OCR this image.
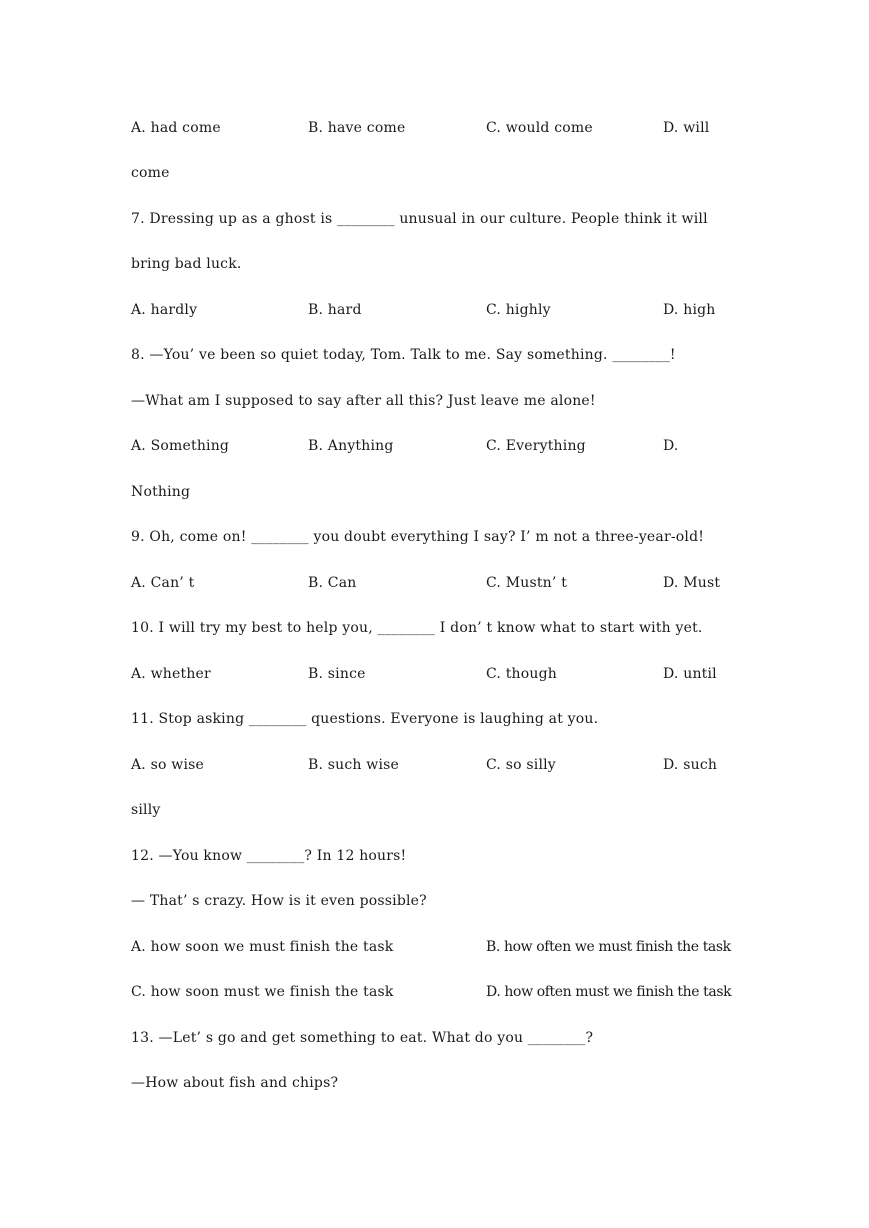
A. had come	B. have come	C. would come	D. will
come
7. Dressing up as a ghost is ________ unusual in our culture. People think it will
bring bad luck.
A. hardly	B. hard	C. highly	D. high
8. —You’ ve been so quiet today, Tom. Talk to me. Say something. ________!
—What am I supposed to say after all this? Just leave me alone!
A. Something	B. Anything	C. Everything	D.
Nothing
9. Oh, come on! ________ you doubt everything I say? I’ m not a three-year-old!
A. Can’ t	B. Can	C. Mustn’ t	D. Must
10. I will try my best to help you, ________ I don’ t know what to start with yet.
A. whether	B. since	C. though	D. until
11. Stop asking ________ questions. Everyone is laughing at you.
A. so wise	B. such wise	C. so silly	D. such
silly
12. —You know ________? In 12 hours!
— That’ s crazy. How is it even possible?
A. how soon we must finish the task	B. how often we must finish the task
C. how soon must we finish the task	D. how often must we finish the task
13. —Let’ s go and get something to eat. What do you ________?
—How about fish and chips?
